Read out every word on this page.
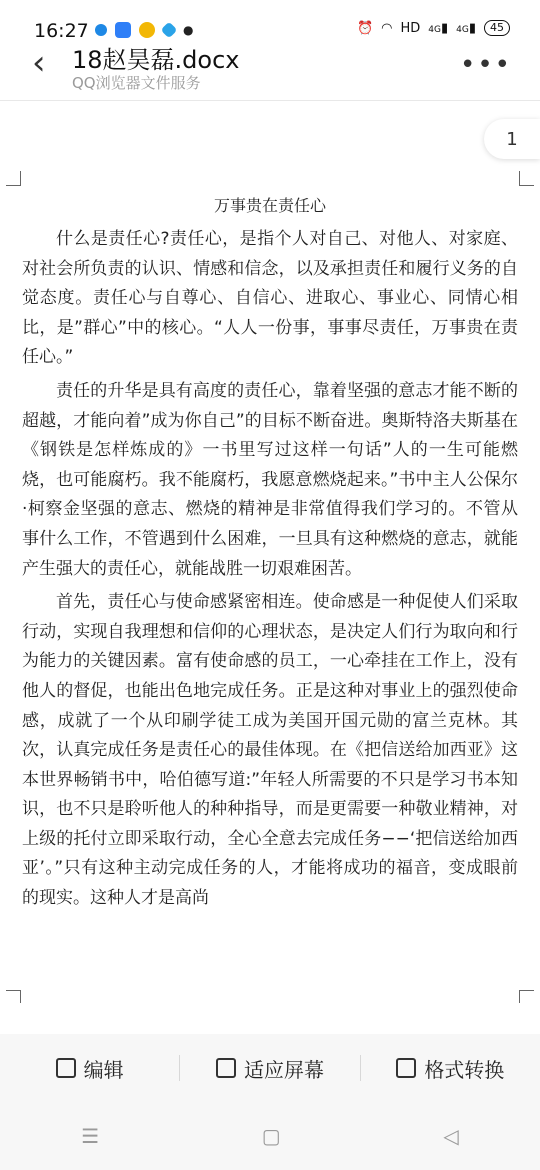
16:27	●	⏰ ◠ HD 4G▮ 4G▮	45
‹ 18赵昊磊.docx
QQ浏览器文件服务
•••
1
万事贵在责任心

什么是责任心?责任心，是指个人对自己、对他人、对家庭、对社会所负责的认识、情感和信念，以及承担责任和履行义务的自觉态度。责任心与自尊心、自信心、进取心、事业心、同情心相比，是”群心”中的核心。“人人一份事，事事尽责任，万事贵在责任心。”

责任的升华是具有高度的责任心，靠着坚强的意志才能不断的超越，才能向着”成为你自己”的目标不断奋进。奥斯特洛夫斯基在《钢铁是怎样炼成的》一书里写过这样一句话”人的一生可能燃烧，也可能腐朽。我不能腐朽，我愿意燃烧起来。”书中主人公保尔·柯察金坚强的意志、燃烧的精神是非常值得我们学习的。不管从事什么工作，不管遇到什么困难，一旦具有这种燃烧的意志，就能产生强大的责任心，就能战胜一切艰难困苦。

首先，责任心与使命感紧密相连。使命感是一种促使人们采取行动，实现自我理想和信仰的心理状态，是决定人们行为取向和行为能力的关键因素。富有使命感的员工，一心牵挂在工作上，没有他人的督促，也能出色地完成任务。正是这种对事业上的强烈使命感，成就了一个从印刷学徒工成为美国开国元勋的富兰克林。其次，认真完成任务是责任心的最佳体现。在《把信送给加西亚》这本世界畅销书中，哈伯德写道:”年轻人所需要的不只是学习书本知识，也不只是聆听他人的种种指导，而是更需要一种敬业精神，对上级的托付立即采取行动，全心全意去完成任务−−‘把信送给加西亚’。”只有这种主动完成任务的人，才能将成功的福音，变成眼前的现实。这种人才是高尚

编辑	适应屏幕	格式转换
☰	▢	◁
